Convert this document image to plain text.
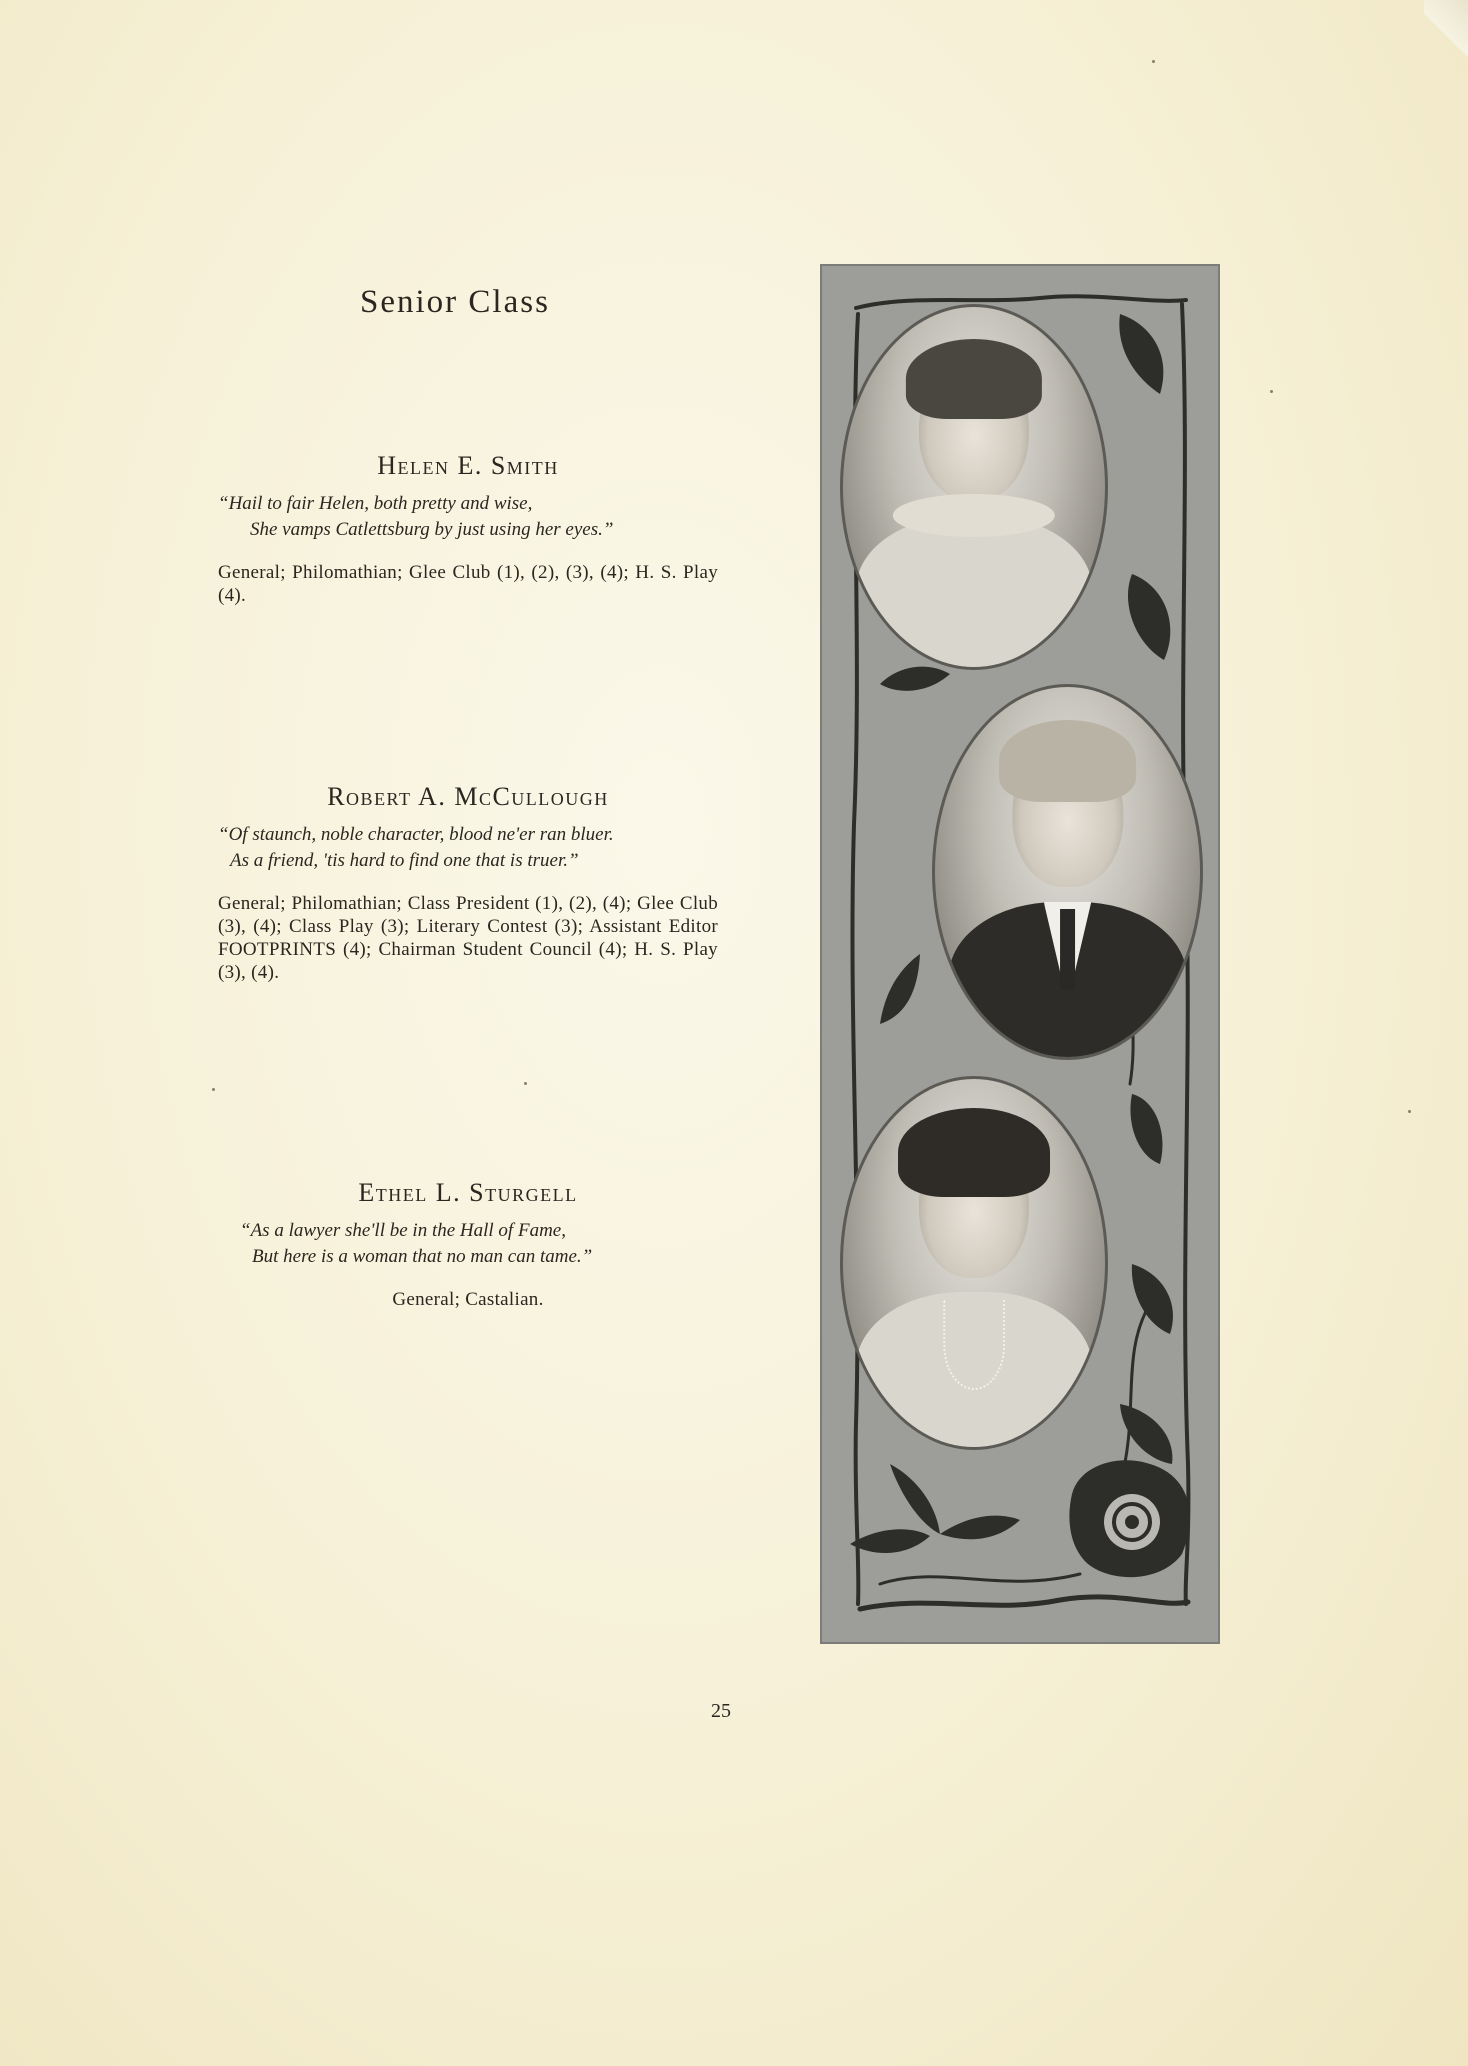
Senior Class
Helen E. Smith
“Hail to fair Helen, both pretty and wise,
She vamps Catlettsburg by just using her eyes.”
General; Philomathian; Glee Club (1), (2), (3), (4); H. S. Play (4).
Robert A. McCullough
“Of staunch, noble character, blood ne'er ran bluer.
As a friend, 'tis hard to find one that is truer.”
General; Philomathian; Class President (1), (2), (4); Glee Club (3), (4); Class Play (3); Literary Contest (3); Assistant Editor FOOTPRINTS (4); Chairman Student Council (4); H. S. Play (3), (4).
Ethel L. Sturgell
“As a lawyer she'll be in the Hall of Fame,
But here is a woman that no man can tame.”
General; Castalian.
25
